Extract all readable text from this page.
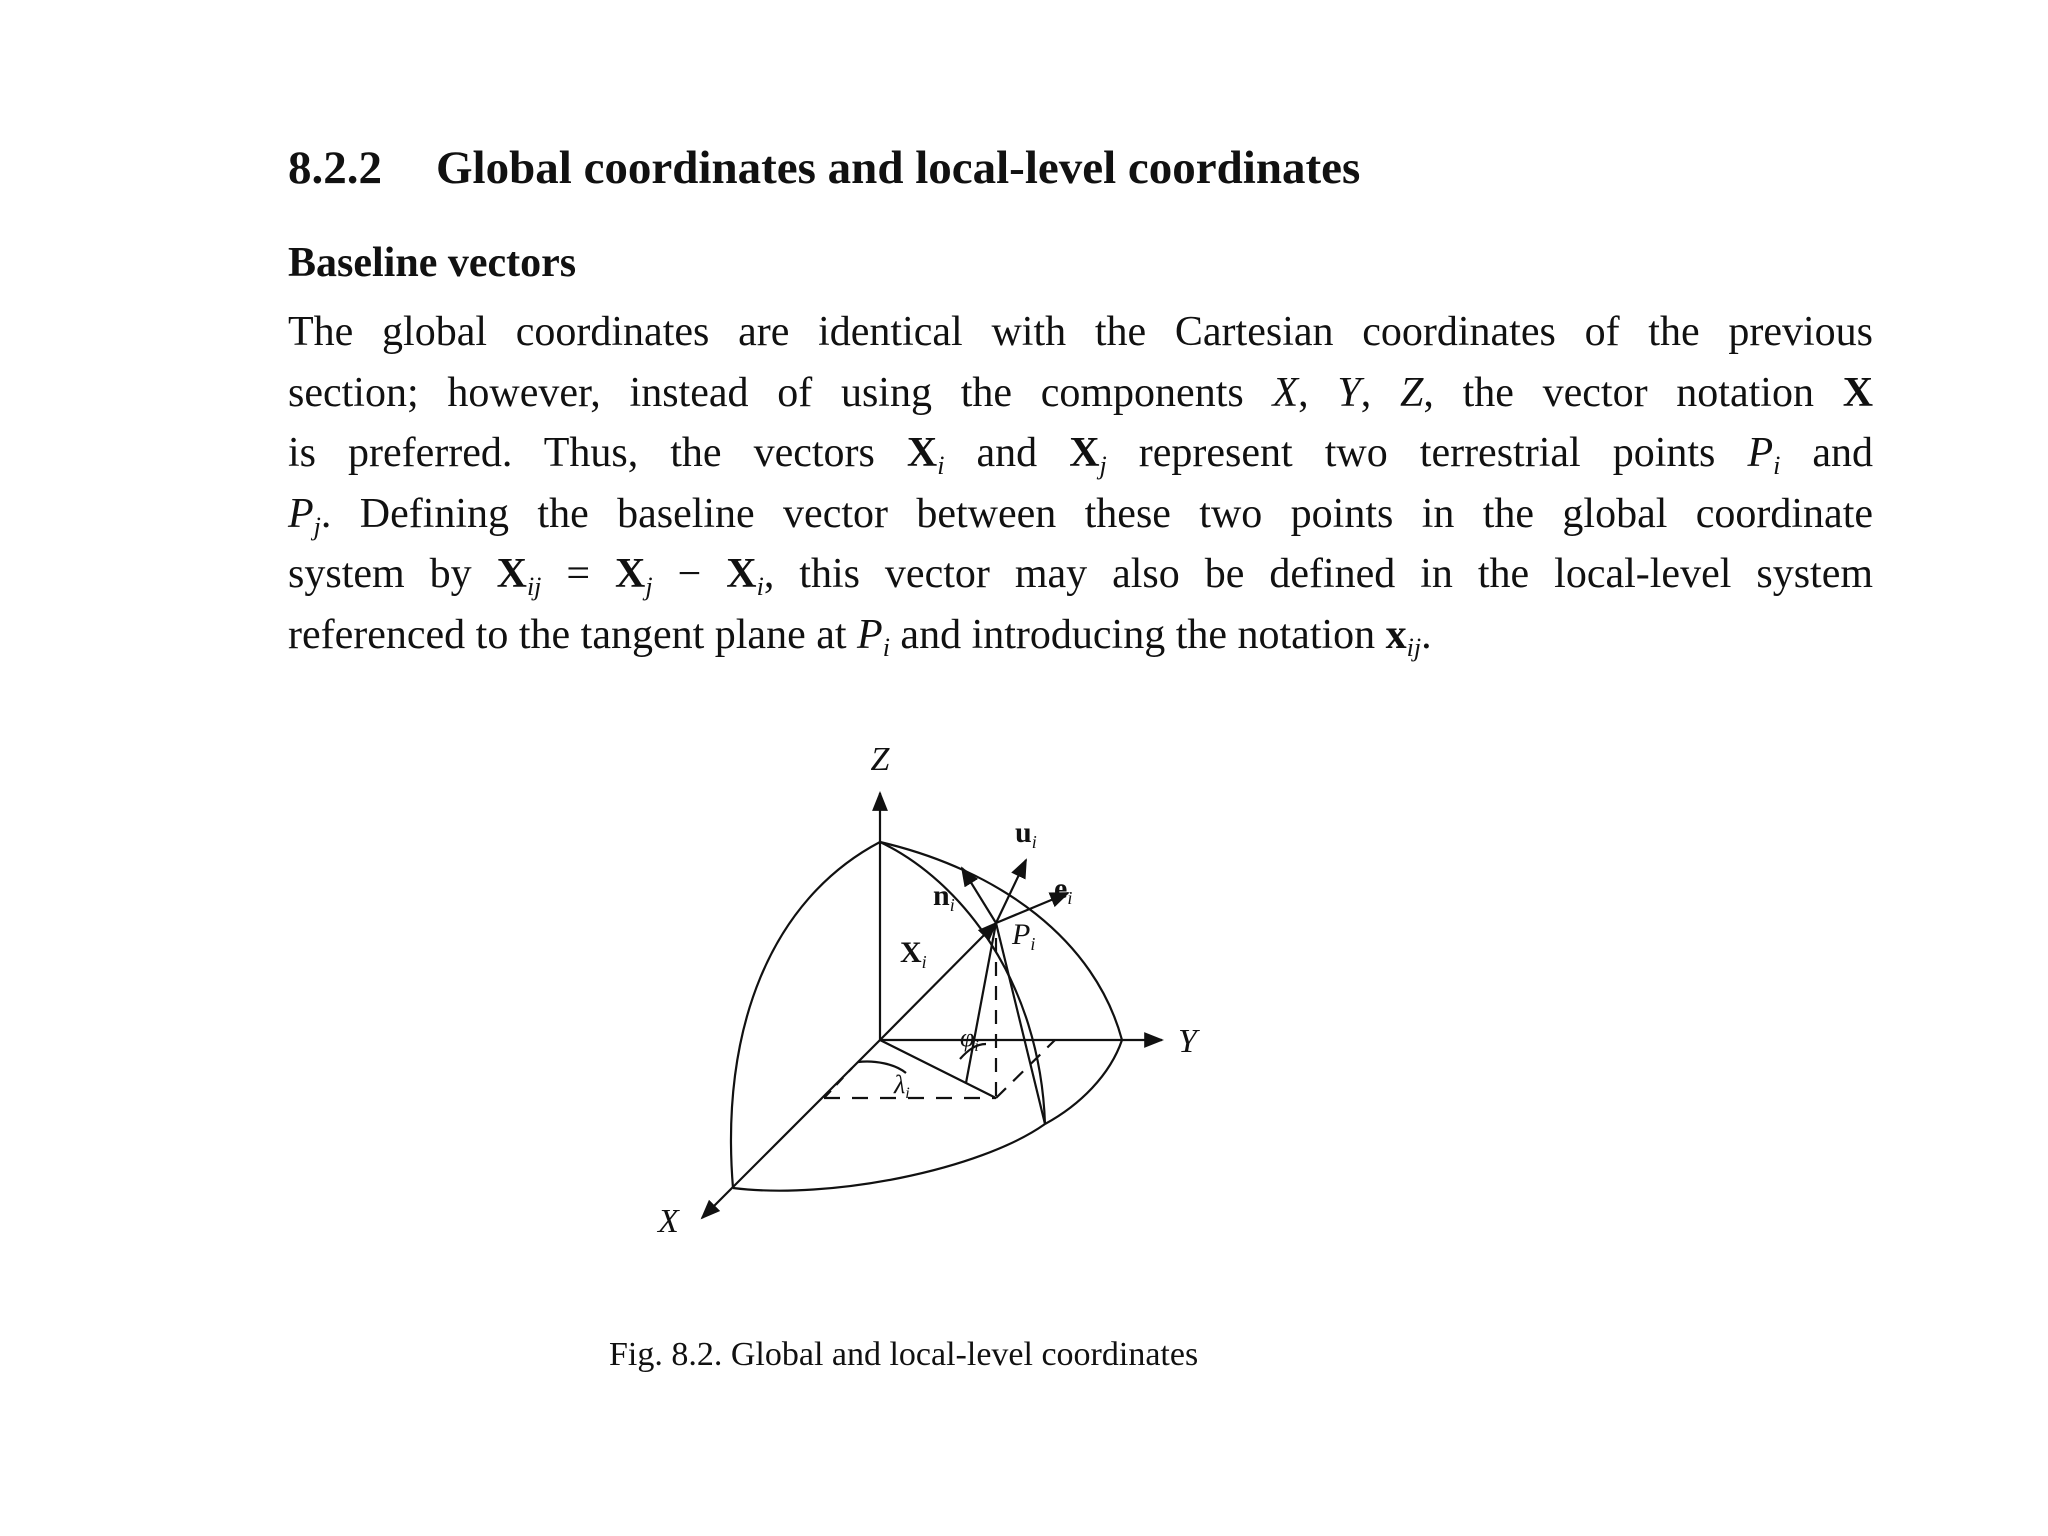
8.2.2 Global coordinates and local-level coordinates
Baseline vectors

The global coordinates are identical with the Cartesian coordinates of the previous
section; however, instead of using the components X, Y, Z, the vector notation X
is preferred. Thus, the vectors $X_i$ and $X_j$ represent two terrestrial points $P_i$ and
$P_j$. Defining the baseline vector between these two points in the global coordinate
system by $X_{ij} = X_j - X_i$, this vector may also be defined in the local-level system
referenced to the tangent plane at $P_i$ and introducing the notation $x_{ij}$.

Z
Y
X
$u_i$
$n_i$	$e_i$
$X_i$
$P_i$
φi
λi
Fig. 8.2. Global and local-level coordinates
